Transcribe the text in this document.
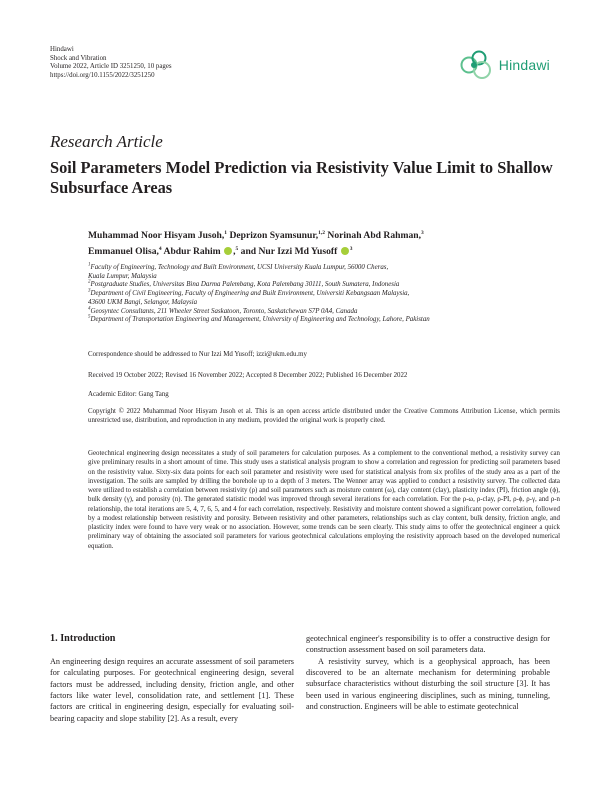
Hindawi
Shock and Vibration
Volume 2022, Article ID 3251250, 10 pages
https://doi.org/10.1155/2022/3251250
Hindawi
Research Article
Soil Parameters Model Prediction via Resistivity Value Limit to Shallow Subsurface Areas
Muhammad Noor Hisyam Jusoh,$^1$ Deprizon Syamsunur,$^{1,2}$ Norinah Abd Rahman,$^3$
Emmanuel Olisa,$^4$ Abdur Rahim ,$^5$ and Nur Izzi Md Yusoff $^3$
$^1$Faculty of Engineering, Technology and Built Environment, UCSI University Kuala Lumpur, 56000 Cheras,
Kuala Lumpur, Malaysia
$^2$Postgraduate Studies, Universitas Bina Darma Palembang, Kota Palembang 30111, South Sumatera, Indonesia
$^3$Department of Civil Engineering, Faculty of Engineering and Built Environment, Universiti Kebangsaan Malaysia,
43600 UKM Bangi, Selangor, Malaysia
$^4$Geosyntec Consultants, 211 Wheeler Street Saskatoon, Toronto, Saskatchewan S7P 0A4, Canada
$^5$Department of Transportation Engineering and Management, University of Engineering and Technology, Lahore, Pakistan
Correspondence should be addressed to Nur Izzi Md Yusoff; izzi@ukm.edu.my
Received 19 October 2022; Revised 16 November 2022; Accepted 8 December 2022; Published 16 December 2022
Academic Editor: Gang Tang
Copyright © 2022 Muhammad Noor Hisyam Jusoh et al. This is an open access article distributed under the Creative Commons Attribution License, which permits unrestricted use, distribution, and reproduction in any medium, provided the original work is properly cited.
Geotechnical engineering design necessitates a study of soil parameters for calculation purposes. As a complement to the conventional method, a resistivity survey can give preliminary results in a short amount of time. This study uses a statistical analysis program to show a correlation and regression for predicting soil parameters based on the resistivity value. Sixty-six data points for each soil parameter and resistivity were used for statistical analysis from six profiles of the study area as a part of the investigation. The soils are sampled by drilling the borehole up to a depth of 3 meters. The Wenner array was applied to conduct a resistivity survey. The collected data were utilized to establish a correlation between resistivity (ρ) and soil parameters such as moisture content (ω), clay content (clay), plasticity index (PI), friction angle (ϕ), bulk density (γ), and porosity (n). The generated statistic model was improved through several iterations for each correlation. For the ρ-ω, ρ-clay, ρ-PI, ρ-ϕ, ρ-γ, and ρ-n relationship, the total iterations are 5, 4, 7, 6, 5, and 4 for each correlation, respectively. Resistivity and moisture content showed a significant power correlation, followed by a modest relationship between resistivity and porosity. Between resistivity and other parameters, relationships such as clay content, bulk density, friction angle, and plasticity index were found to have very weak or no association. However, some trends can be seen clearly. This study aims to offer the geotechnical engineer a quick preliminary way of obtaining the associated soil parameters for various geotechnical calculations employing the resistivity approach based on the developed numerical equation.
1. Introduction

An engineering design requires an accurate assessment of soil parameters for calculating purposes. For geotechnical engineering design, several factors must be addressed, including density, friction angle, and other factors like water level, consolidation rate, and settlement [1]. These factors are critical in engineering design, especially for evaluating soil-bearing capacity and slope stability [2]. As a result, every

geotechnical engineer's responsibility is to offer a constructive design for construction assessment based on soil parameters data.

A resistivity survey, which is a geophysical approach, has been discovered to be an alternate mechanism for determining probable subsurface characteristics without disturbing the soil structure [3]. It has been used in various engineering disciplines, such as mining, tunneling, and construction. Engineers will be able to estimate geotechnical
